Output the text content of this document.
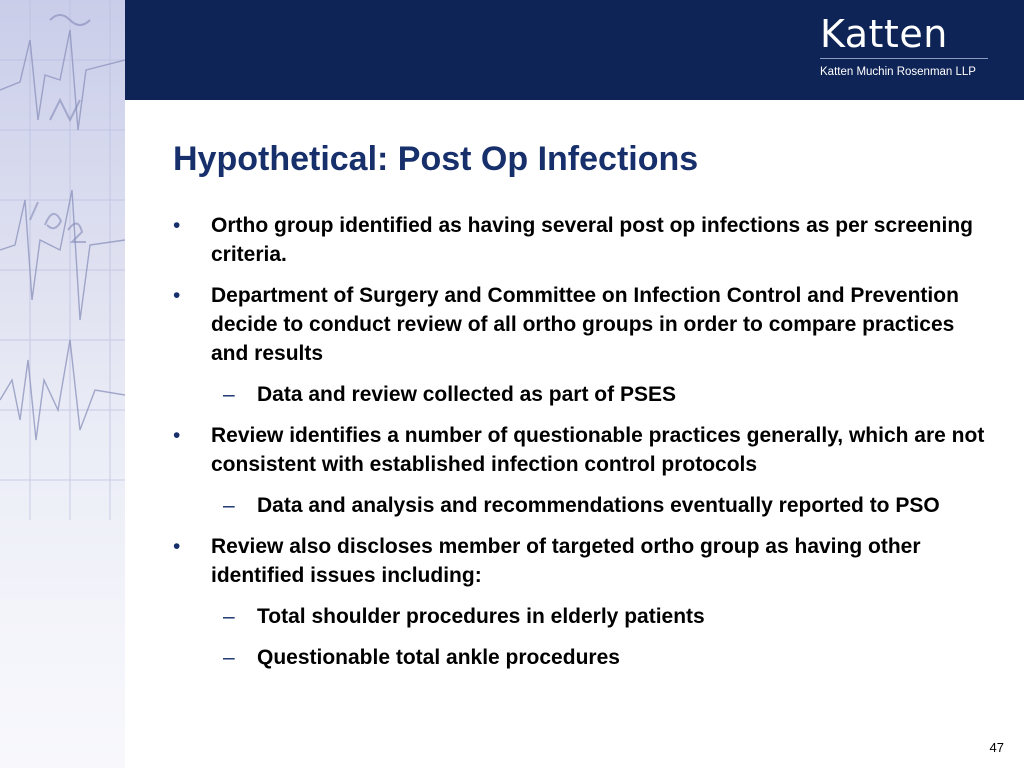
Katten
Katten Muchin Rosenman LLP
Hypothetical: Post Op Infections
•	Ortho group identified as having several post op infections as per screening criteria.
•	Department of Surgery and Committee on Infection Control and Prevention decide to conduct review of all ortho groups in order to compare practices and results
–	Data and review collected as part of PSES
•	Review identifies a number of questionable practices generally, which are not consistent with established infection control protocols
–	Data and analysis and recommendations eventually reported to PSO
•	Review also discloses member of targeted ortho group as having other identified issues including:
–	Total shoulder procedures in elderly patients
–	Questionable total ankle procedures
47
